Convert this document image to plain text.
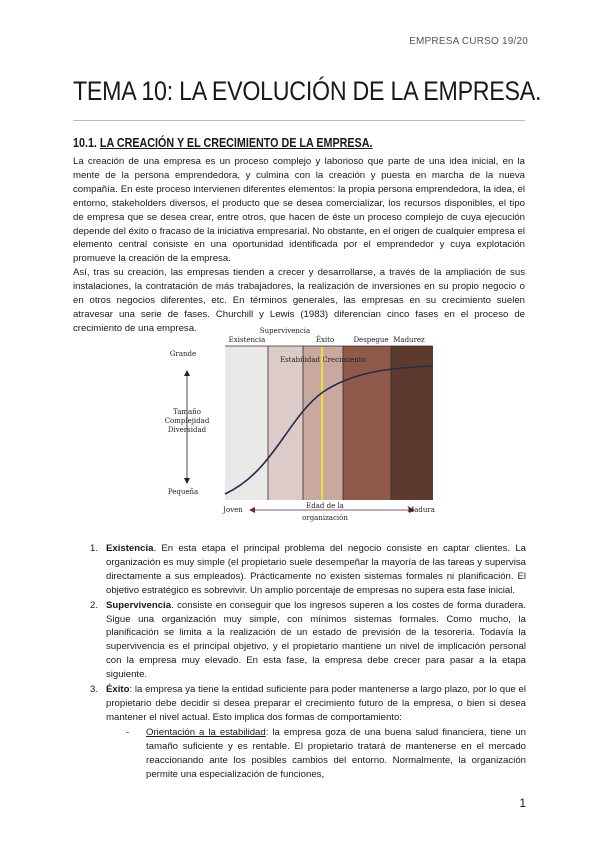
EMPRESA CURSO 19/20
TEMA 10: LA EVOLUCIÓN DE LA EMPRESA.
10.1. LA CREACIÓN Y EL CRECIMIENTO DE LA EMPRESA.
La creación de una empresa es un proceso complejo y laborioso que parte de una idea inicial, en la mente de la persona emprendedora, y culmina con la creación y puesta en marcha de la nueva compañía. En este proceso intervienen diferentes elementos: la propia persona emprendedora, la idea, el entorno, stakeholders diversos, el producto que se desea comercializar, los recursos disponibles, el tipo de empresa que se desea crear, entre otros, que hacen de éste un proceso complejo de cuya ejecución depende del éxito o fracaso de la iniciativa empresarial. No obstante, en el origen de cualquier empresa el elemento central consiste en una oportunidad identificada por el emprendedor y cuya explotación promueve la creación de la empresa.
Así, tras su creación, las empresas tienden a crecer y desarrollarse, a través de la ampliación de sus instalaciones, la contratación de más trabajadores, la realización de inversiones en su propio negocio o en otros negocios diferentes, etc. En términos generales, las empresas en su crecimiento suelen atravesar una serie de fases. Churchill y Lewis (1983) diferencian cinco fases en el proceso de crecimiento de una empresa.
Existencia
Supervivencia
Éxito	Despegue Madurez
Estabilidad Crecimiento
Grande
Tamaño
Complejidad
Diversidad
Pequeña
Joven	Edad de la
organización
Madura
1. Existencia. En esta etapa el principal problema del negocio consiste en captar clientes. La organización es muy simple (el propietario suele desempeñar la mayoría de las tareas y supervisa directamente a sus empleados). Prácticamente no existen sistemas formales ni planificación. El objetivo estratégico es sobrevivir. Un amplio porcentaje de empresas no supera esta fase inicial.
2. Supervivencia. consiste en conseguir que los ingresos superen a los costes de forma duradera. Sigue una organización muy simple, con mínimos sistemas formales. Como mucho, la planificación se limita a la realización de un estado de previsión de la tesorería. Todavía la supervivencia es el principal objetivo, y el propietario mantiene un nivel de implicación personal con la empresa muy elevado. En esta fase, la empresa debe crecer para pasar a la etapa siguiente.
3. Éxito: la empresa ya tiene la entidad suficiente para poder mantenerse a largo plazo, por lo que el propietario debe decidir si desea preparar el crecimiento futuro de la empresa, o bien si desea mantener el nivel actual. Esto implica dos formas de comportamiento:
- Orientación a la estabilidad: la empresa goza de una buena salud financiera, tiene un tamaño suficiente y es rentable. El propietario tratará de mantenerse en el mercado reaccionando ante los posibles cambios del entorno. Normalmente, la organización permite una especialización de funciones,
1
